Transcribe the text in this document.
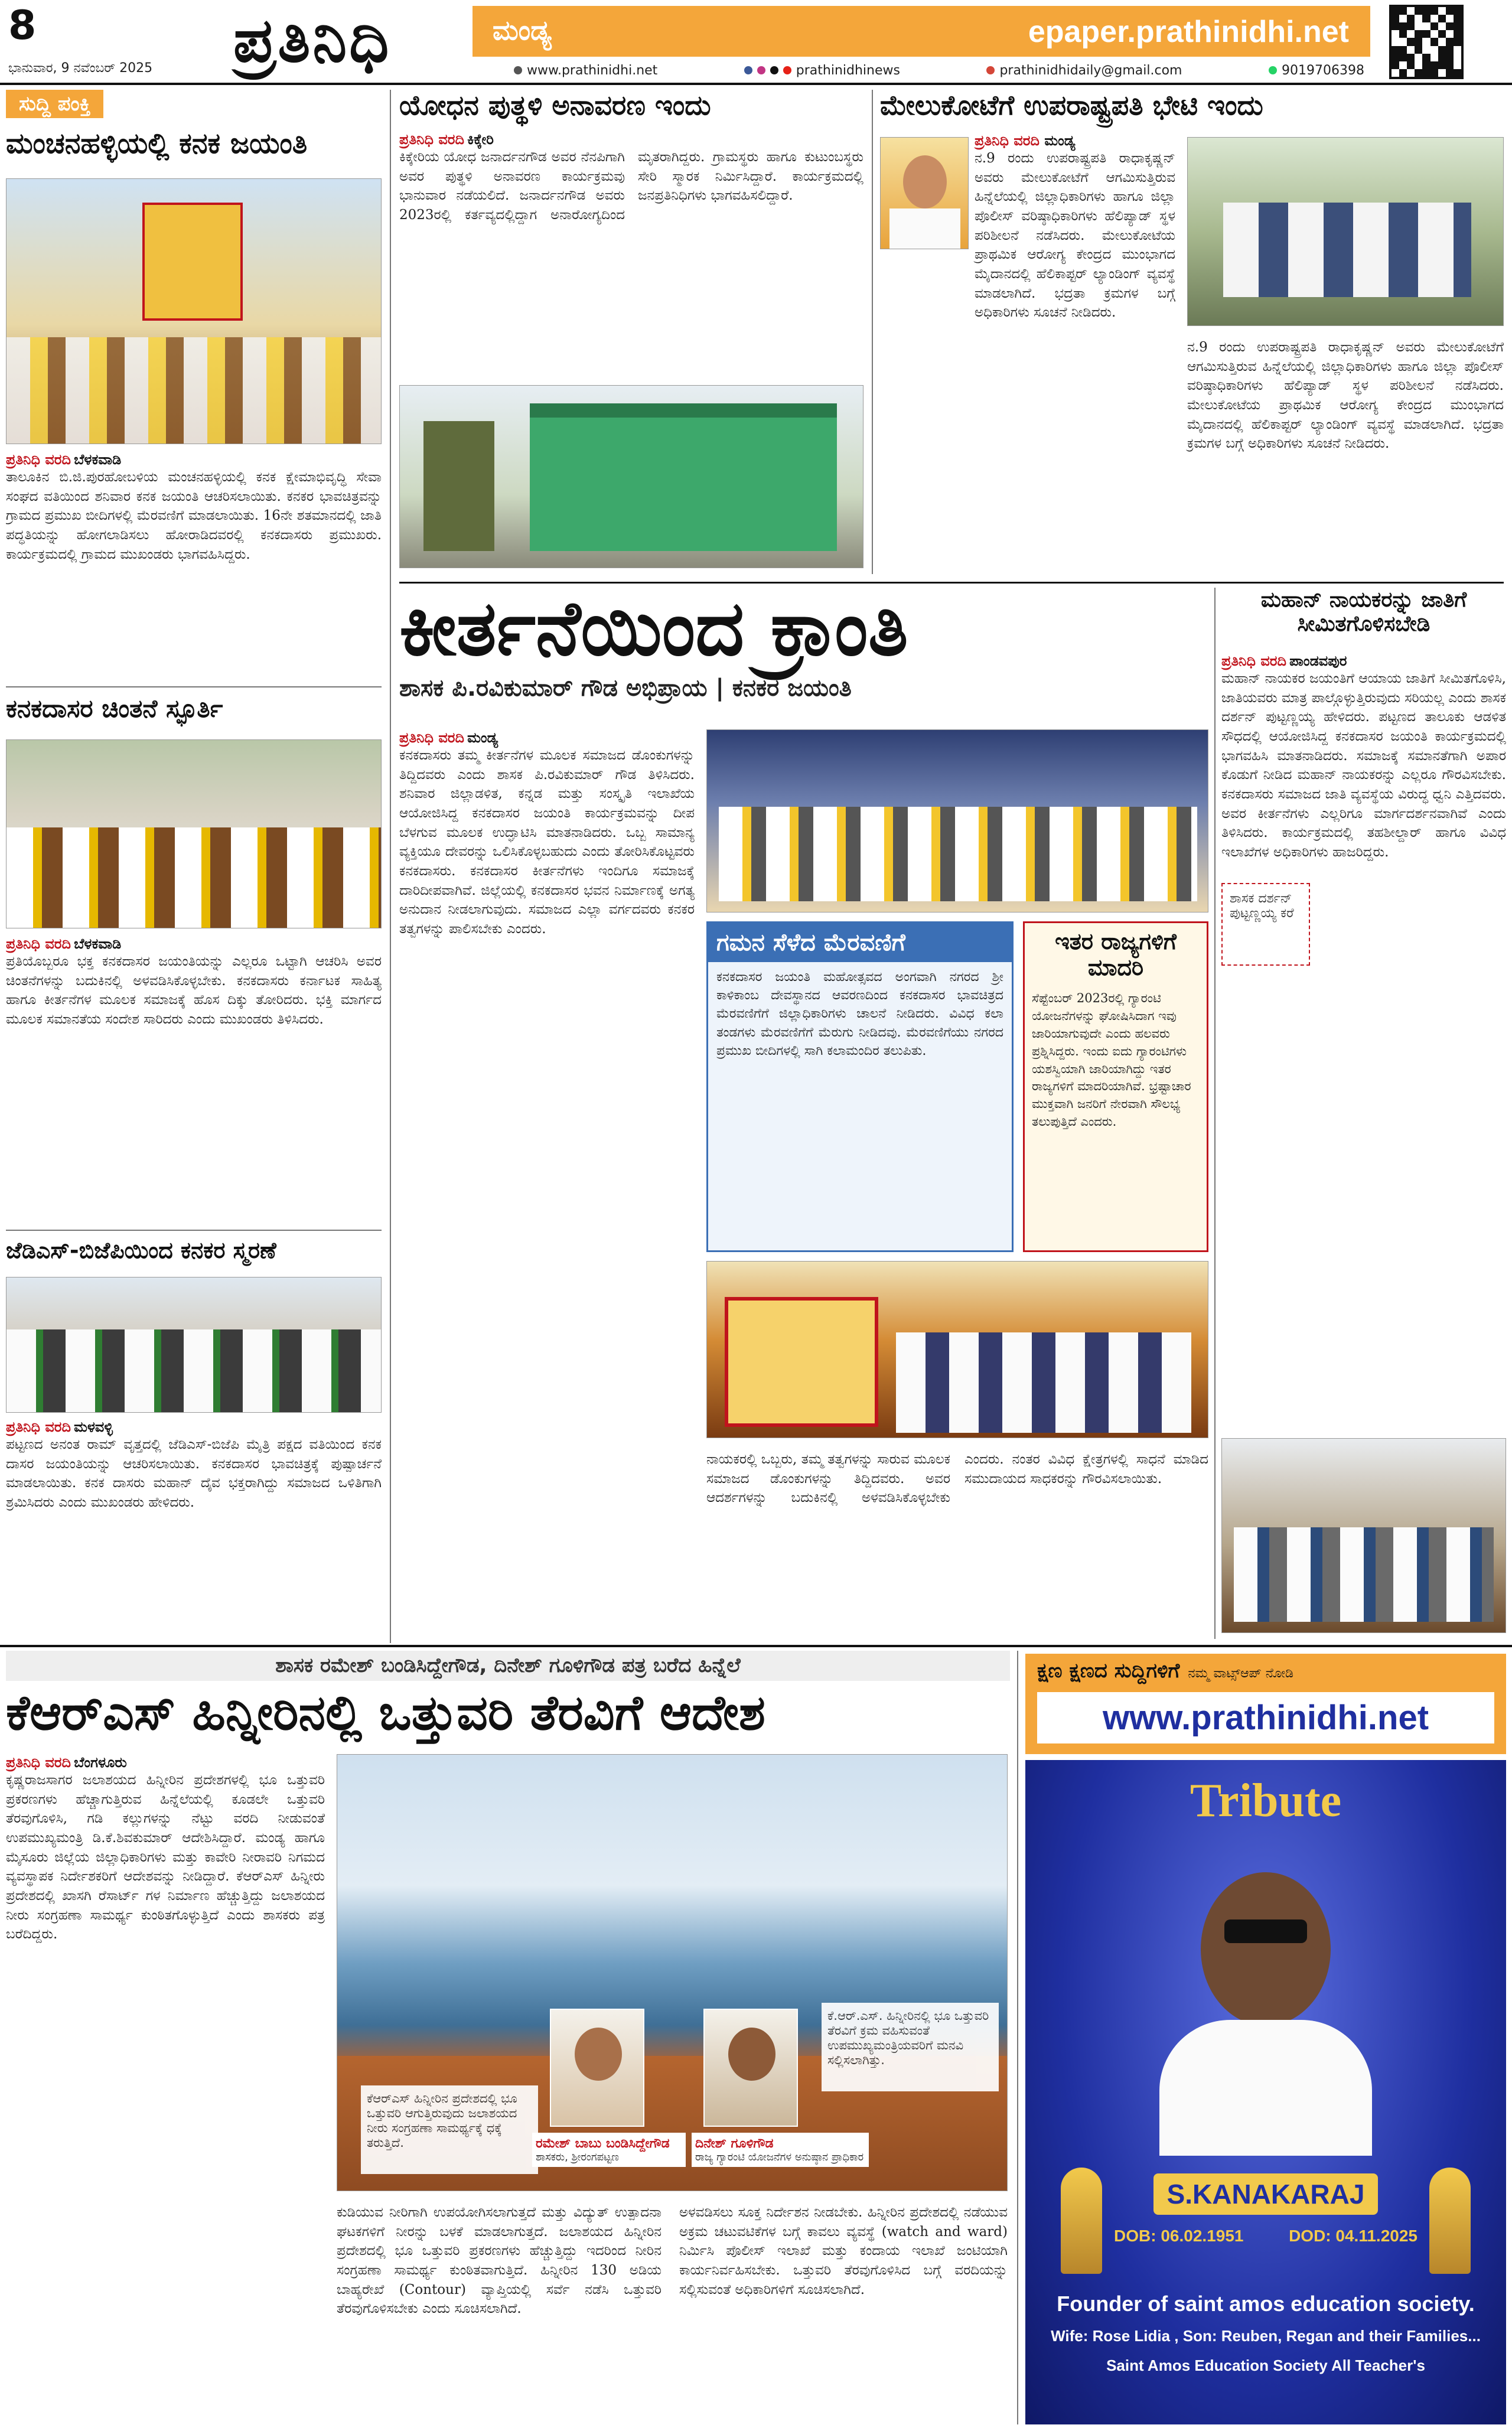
8
ಭಾನುವಾರ, 9 ನವೆಂಬರ್ 2025 ಪ್ರತಿನಿಧಿ	ಮಂಡ್ಯ	epaper.prathinidhi.net
www.prathinidhi.net	prathinidhinews	prathinidhidaily@gmail.com	9019706398
ಸುದ್ದಿ ಪಂಕ್ತಿ
ಮಂಚನಹಳ್ಳಿಯಲ್ಲಿ ಕನಕ ಜಯಂತಿ
ಪ್ರತಿನಿಧಿ ವರದಿ ಬೆಳಕವಾಡಿ

ತಾಲೂಕಿನ ಬಿ.ಜಿ.ಪುರಹೋಬಳಿಯ ಮಂಚನಹಳ್ಳಿಯಲ್ಲಿ ಕನಕ ಕ್ಷೇಮಾಭಿವೃದ್ಧಿ ಸೇವಾ ಸಂಘದ ವತಿಯಿಂದ ಶನಿವಾರ ಕನಕ ಜಯಂತಿ ಆಚರಿಸಲಾಯಿತು. ಕನಕರ ಭಾವಚಿತ್ರವನ್ನು ಗ್ರಾಮದ ಪ್ರಮುಖ ಬೀದಿಗಳಲ್ಲಿ ಮೆರವಣಿಗೆ ಮಾಡಲಾಯಿತು. 16ನೇ ಶತಮಾನದಲ್ಲಿ ಜಾತಿ ಪದ್ಧತಿಯನ್ನು ಹೋಗಲಾಡಿಸಲು ಹೋರಾಡಿದವರಲ್ಲಿ ಕನಕದಾಸರು ಪ್ರಮುಖರು. ಕಾರ್ಯಕ್ರಮದಲ್ಲಿ ಗ್ರಾಮದ ಮುಖಂಡರು ಭಾಗವಹಿಸಿದ್ದರು.

ಕನಕದಾಸರ ಚಿಂತನೆ ಸ್ಫೂರ್ತಿ
ಪ್ರತಿನಿಧಿ ವರದಿ ಬೆಳಕವಾಡಿ

ಪ್ರತಿಯೊಬ್ಬರೂ ಭಕ್ತ ಕನಕದಾಸರ ಜಯಂತಿಯನ್ನು ಎಲ್ಲರೂ ಒಟ್ಟಾಗಿ ಆಚರಿಸಿ ಅವರ ಚಿಂತನೆಗಳನ್ನು ಬದುಕಿನಲ್ಲಿ ಅಳವಡಿಸಿಕೊಳ್ಳಬೇಕು. ಕನಕದಾಸರು ಕರ್ನಾಟಕ ಸಾಹಿತ್ಯ ಹಾಗೂ ಕೀರ್ತನೆಗಳ ಮೂಲಕ ಸಮಾಜಕ್ಕೆ ಹೊಸ ದಿಕ್ಕು ತೋರಿದರು. ಭಕ್ತಿ ಮಾರ್ಗದ ಮೂಲಕ ಸಮಾನತೆಯ ಸಂದೇಶ ಸಾರಿದರು ಎಂದು ಮುಖಂಡರು ತಿಳಿಸಿದರು.

ಜೆಡಿಎಸ್-ಬಿಜೆಪಿಯಿಂದ ಕನಕರ ಸ್ಮರಣೆ
ಪ್ರತಿನಿಧಿ ವರದಿ ಮಳವಳ್ಳಿ

ಪಟ್ಟಣದ ಅನಂತ ರಾಮ್ ವೃತ್ತದಲ್ಲಿ ಜೆಡಿಎಸ್-ಬಿಜೆಪಿ ಮೈತ್ರಿ ಪಕ್ಷದ ವತಿಯಿಂದ ಕನಕ ದಾಸರ ಜಯಂತಿಯನ್ನು ಆಚರಿಸಲಾಯಿತು. ಕನಕದಾಸರ ಭಾವಚಿತ್ರಕ್ಕೆ ಪುಷ್ಪಾರ್ಚನೆ ಮಾಡಲಾಯಿತು. ಕನಕ ದಾಸರು ಮಹಾನ್ ದೈವ ಭಕ್ತರಾಗಿದ್ದು ಸಮಾಜದ ಒಳಿತಿಗಾಗಿ ಶ್ರಮಿಸಿದರು ಎಂದು ಮುಖಂಡರು ಹೇಳಿದರು.

ಯೋಧನ ಪುತ್ಥಳಿ ಅನಾವರಣ ಇಂದು
ಪ್ರತಿನಿಧಿ ವರದಿ ಕಿಕ್ಕೇರಿ

ಕಿಕ್ಕೇರಿಯ ಯೋಧ ಜನಾರ್ದನಗೌಡ ಅವರ ನೆನಪಿಗಾಗಿ ಅವರ ಪುತ್ಥಳಿ ಅನಾವರಣ ಕಾರ್ಯಕ್ರಮವು ಭಾನುವಾರ ನಡೆಯಲಿದೆ. ಜನಾರ್ದನಗೌಡ ಅವರು 2023ರಲ್ಲಿ ಕರ್ತವ್ಯದಲ್ಲಿದ್ದಾಗ ಅನಾರೋಗ್ಯದಿಂದ ಮೃತರಾಗಿದ್ದರು. ಗ್ರಾಮಸ್ಥರು ಹಾಗೂ ಕುಟುಂಬಸ್ಥರು ಸೇರಿ ಸ್ಮಾರಕ ನಿರ್ಮಿಸಿದ್ದಾರೆ. ಕಾರ್ಯಕ್ರಮದಲ್ಲಿ ಜನಪ್ರತಿನಿಧಿಗಳು ಭಾಗವಹಿಸಲಿದ್ದಾರೆ.

ಮೇಲುಕೋಟೆಗೆ ಉಪರಾಷ್ಟ್ರಪತಿ ಭೇಟಿ ಇಂದು

ಪ್ರತಿನಿಧಿ ವರದಿ ಮಂಡ್ಯ

ನ.9 ರಂದು ಉಪರಾಷ್ಟ್ರಪತಿ ರಾಧಾಕೃಷ್ಣನ್ ಅವರು ಮೇಲುಕೋಟೆಗೆ ಆಗಮಿಸುತ್ತಿರುವ ಹಿನ್ನೆಲೆಯಲ್ಲಿ ಜಿಲ್ಲಾಧಿಕಾರಿಗಳು ಹಾಗೂ ಜಿಲ್ಲಾ ಪೊಲೀಸ್ ವರಿಷ್ಠಾಧಿಕಾರಿಗಳು ಹೆಲಿಪ್ಯಾಡ್ ಸ್ಥಳ ಪರಿಶೀಲನೆ ನಡೆಸಿದರು. ಮೇಲುಕೋಟೆಯ ಪ್ರಾಥಮಿಕ ಆರೋಗ್ಯ ಕೇಂದ್ರದ ಮುಂಭಾಗದ ಮೈದಾನದಲ್ಲಿ ಹೆಲಿಕಾಪ್ಟರ್ ಲ್ಯಾಂಡಿಂಗ್ ವ್ಯವಸ್ಥೆ ಮಾಡಲಾಗಿದೆ. ಭದ್ರತಾ ಕ್ರಮಗಳ ಬಗ್ಗೆ ಅಧಿಕಾರಿಗಳು ಸೂಚನೆ ನೀಡಿದರು.

ನ.9 ರಂದು ಉಪರಾಷ್ಟ್ರಪತಿ ರಾಧಾಕೃಷ್ಣನ್ ಅವರು ಮೇಲುಕೋಟೆಗೆ ಆಗಮಿಸುತ್ತಿರುವ ಹಿನ್ನೆಲೆಯಲ್ಲಿ ಜಿಲ್ಲಾಧಿಕಾರಿಗಳು ಹಾಗೂ ಜಿಲ್ಲಾ ಪೊಲೀಸ್ ವರಿಷ್ಠಾಧಿಕಾರಿಗಳು ಹೆಲಿಪ್ಯಾಡ್ ಸ್ಥಳ ಪರಿಶೀಲನೆ ನಡೆಸಿದರು. ಮೇಲುಕೋಟೆಯ ಪ್ರಾಥಮಿಕ ಆರೋಗ್ಯ ಕೇಂದ್ರದ ಮುಂಭಾಗದ ಮೈದಾನದಲ್ಲಿ ಹೆಲಿಕಾಪ್ಟರ್ ಲ್ಯಾಂಡಿಂಗ್ ವ್ಯವಸ್ಥೆ ಮಾಡಲಾಗಿದೆ. ಭದ್ರತಾ ಕ್ರಮಗಳ ಬಗ್ಗೆ ಅಧಿಕಾರಿಗಳು ಸೂಚನೆ ನೀಡಿದರು.

ಕೀರ್ತನೆಯಿಂದ ಕ್ರಾಂತಿ
ಶಾಸಕ ಪಿ.ರವಿಕುಮಾರ್ ಗೌಡ ಅಭಿಪ್ರಾಯ | ಕನಕರ ಜಯಂತಿ
ಪ್ರತಿನಿಧಿ ವರದಿ ಮಂಡ್ಯ

ಕನಕದಾಸರು ತಮ್ಮ ಕೀರ್ತನೆಗಳ ಮೂಲಕ ಸಮಾಜದ ಡೊಂಕುಗಳನ್ನು ತಿದ್ದಿದವರು ಎಂದು ಶಾಸಕ ಪಿ.ರವಿಕುಮಾರ್ ಗೌಡ ತಿಳಿಸಿದರು. ಶನಿವಾರ ಜಿಲ್ಲಾಡಳಿತ, ಕನ್ನಡ ಮತ್ತು ಸಂಸ್ಕೃತಿ ಇಲಾಖೆಯ ಆಯೋಜಿಸಿದ್ದ ಕನಕದಾಸರ ಜಯಂತಿ ಕಾರ್ಯಕ್ರಮವನ್ನು ದೀಪ ಬೆಳಗುವ ಮೂಲಕ ಉದ್ಘಾಟಿಸಿ ಮಾತನಾಡಿದರು. ಒಬ್ಬ ಸಾಮಾನ್ಯ ವ್ಯಕ್ತಿಯೂ ದೇವರನ್ನು ಒಲಿಸಿಕೊಳ್ಳಬಹುದು ಎಂದು ತೋರಿಸಿಕೊಟ್ಟವರು ಕನಕದಾಸರು. ಕನಕದಾಸರ ಕೀರ್ತನೆಗಳು ಇಂದಿಗೂ ಸಮಾಜಕ್ಕೆ ದಾರಿದೀಪವಾಗಿವೆ. ಜಿಲ್ಲೆಯಲ್ಲಿ ಕನಕದಾಸರ ಭವನ ನಿರ್ಮಾಣಕ್ಕೆ ಅಗತ್ಯ ಅನುದಾನ ನೀಡಲಾಗುವುದು. ಸಮಾಜದ ಎಲ್ಲಾ ವರ್ಗದವರು ಕನಕರ ತತ್ವಗಳನ್ನು ಪಾಲಿಸಬೇಕು ಎಂದರು.

ಗಮನ ಸೆಳೆದ ಮೆರವಣಿಗೆ

ಕನಕದಾಸರ ಜಯಂತಿ ಮಹೋತ್ಸವದ ಅಂಗವಾಗಿ ನಗರದ ಶ್ರೀ ಕಾಳಿಕಾಂಬ ದೇವಸ್ಥಾನದ ಆವರಣದಿಂದ ಕನಕದಾಸರ ಭಾವಚಿತ್ರದ ಮೆರವಣಿಗೆಗೆ ಜಿಲ್ಲಾಧಿಕಾರಿಗಳು ಚಾಲನೆ ನೀಡಿದರು. ವಿವಿಧ ಕಲಾ ತಂಡಗಳು ಮೆರವಣಿಗೆಗೆ ಮೆರುಗು ನೀಡಿದವು. ಮೆರವಣಿಗೆಯು ನಗರದ ಪ್ರಮುಖ ಬೀದಿಗಳಲ್ಲಿ ಸಾಗಿ ಕಲಾಮಂದಿರ ತಲುಪಿತು.

ಇತರ ರಾಜ್ಯಗಳಿಗೆ ಮಾದರಿ

ಸೆಪ್ಟೆಂಬರ್ 2023ರಲ್ಲಿ ಗ್ಯಾರಂಟಿ ಯೋಜನೆಗಳನ್ನು ಘೋಷಿಸಿದಾಗ ಇವು ಜಾರಿಯಾಗುವುದೇ ಎಂದು ಹಲವರು ಪ್ರಶ್ನಿಸಿದ್ದರು. ಇಂದು ಐದು ಗ್ಯಾರಂಟಿಗಳು ಯಶಸ್ವಿಯಾಗಿ ಜಾರಿಯಾಗಿದ್ದು ಇತರ ರಾಜ್ಯಗಳಿಗೆ ಮಾದರಿಯಾಗಿವೆ. ಭ್ರಷ್ಟಾಚಾರ ಮುಕ್ತವಾಗಿ ಜನರಿಗೆ ನೇರವಾಗಿ ಸೌಲಭ್ಯ ತಲುಪುತ್ತಿದೆ ಎಂದರು.

ನಾಯಕರಲ್ಲಿ ಒಬ್ಬರು, ತಮ್ಮ ತತ್ವಗಳನ್ನು ಸಾರುವ ಮೂಲಕ ಸಮಾಜದ ಡೊಂಕುಗಳನ್ನು ತಿದ್ದಿದವರು. ಅವರ ಆದರ್ಶಗಳನ್ನು ಬದುಕಿನಲ್ಲಿ ಅಳವಡಿಸಿಕೊಳ್ಳಬೇಕು ಎಂದರು. ನಂತರ ವಿವಿಧ ಕ್ಷೇತ್ರಗಳಲ್ಲಿ ಸಾಧನೆ ಮಾಡಿದ ಸಮುದಾಯದ ಸಾಧಕರನ್ನು ಗೌರವಿಸಲಾಯಿತು.

ಮಹಾನ್ ನಾಯಕರನ್ನು ಜಾತಿಗೆ ಸೀಮಿತಗೊಳಿಸಬೇಡಿ
ಪ್ರತಿನಿಧಿ ವರದಿ ಪಾಂಡವಪುರ

ಮಹಾನ್ ನಾಯಕರ ಜಯಂತಿಗೆ ಆಯಾಯ ಜಾತಿಗೆ ಸೀಮಿತಗೊಳಿಸಿ, ಜಾತಿಯವರು ಮಾತ್ರ ಪಾಲ್ಗೊಳ್ಳುತ್ತಿರುವುದು ಸರಿಯಲ್ಲ ಎಂದು ಶಾಸಕ ದರ್ಶನ್ ಪುಟ್ಟಣ್ಣಯ್ಯ ಹೇಳಿದರು. ಪಟ್ಟಣದ ತಾಲೂಕು ಆಡಳಿತ ಸೌಧದಲ್ಲಿ ಆಯೋಜಿಸಿದ್ದ ಕನಕದಾಸರ ಜಯಂತಿ ಕಾರ್ಯಕ್ರಮದಲ್ಲಿ ಭಾಗವಹಿಸಿ ಮಾತನಾಡಿದರು. ಸಮಾಜಕ್ಕೆ ಸಮಾನತೆಗಾಗಿ ಅಪಾರ ಕೊಡುಗೆ ನೀಡಿದ ಮಹಾನ್ ನಾಯಕರನ್ನು ಎಲ್ಲರೂ ಗೌರವಿಸಬೇಕು. ಕನಕದಾಸರು ಸಮಾಜದ ಜಾತಿ ವ್ಯವಸ್ಥೆಯ ವಿರುದ್ಧ ಧ್ವನಿ ಎತ್ತಿದವರು. ಅವರ ಕೀರ್ತನೆಗಳು ಎಲ್ಲರಿಗೂ ಮಾರ್ಗದರ್ಶನವಾಗಿವೆ ಎಂದು ತಿಳಿಸಿದರು. ಕಾರ್ಯಕ್ರಮದಲ್ಲಿ ತಹಶೀಲ್ದಾರ್ ಹಾಗೂ ವಿವಿಧ ಇಲಾಖೆಗಳ ಅಧಿಕಾರಿಗಳು ಹಾಜರಿದ್ದರು.

ಶಾಸಕ ದರ್ಶನ್ ಪುಟ್ಟಣ್ಣಯ್ಯ ಕರೆ
ಶಾಸಕ ರಮೇಶ್ ಬಂಡಿಸಿದ್ದೇಗೌಡ, ದಿನೇಶ್ ಗೂಳಿಗೌಡ ಪತ್ರ ಬರೆದ ಹಿನ್ನೆಲೆ
ಕೆಆರ್‌ಎಸ್ ಹಿನ್ನೀರಿನಲ್ಲಿ ಒತ್ತುವರಿ ತೆರವಿಗೆ ಆದೇಶ
ಪ್ರತಿನಿಧಿ ವರದಿ ಬೆಂಗಳೂರು

ಕೃಷ್ಣರಾಜಸಾಗರ ಜಲಾಶಯದ ಹಿನ್ನೀರಿನ ಪ್ರದೇಶಗಳಲ್ಲಿ ಭೂ ಒತ್ತುವರಿ ಪ್ರಕರಣಗಳು ಹೆಚ್ಚಾಗುತ್ತಿರುವ ಹಿನ್ನೆಲೆಯಲ್ಲಿ ಕೂಡಲೇ ಒತ್ತುವರಿ ತೆರವುಗೊಳಿಸಿ, ಗಡಿ ಕಲ್ಲುಗಳನ್ನು ನೆಟ್ಟು ವರದಿ ನೀಡುವಂತೆ ಉಪಮುಖ್ಯಮಂತ್ರಿ ಡಿ.ಕೆ.ಶಿವಕುಮಾರ್ ಆದೇಶಿಸಿದ್ದಾರೆ. ಮಂಡ್ಯ ಹಾಗೂ ಮೈಸೂರು ಜಿಲ್ಲೆಯ ಜಿಲ್ಲಾಧಿಕಾರಿಗಳು ಮತ್ತು ಕಾವೇರಿ ನೀರಾವರಿ ನಿಗಮದ ವ್ಯವಸ್ಥಾಪಕ ನಿರ್ದೇಶಕರಿಗೆ ಆದೇಶವನ್ನು ನೀಡಿದ್ದಾರೆ. ಕೆಆರ್‌ಎಸ್ ಹಿನ್ನೀರು ಪ್ರದೇಶದಲ್ಲಿ ಖಾಸಗಿ ರೆಸಾರ್ಟ್ ಗಳ ನಿರ್ಮಾಣ ಹೆಚ್ಚುತ್ತಿದ್ದು ಜಲಾಶಯದ ನೀರು ಸಂಗ್ರಹಣಾ ಸಾಮರ್ಥ್ಯ ಕುಂಠಿತಗೊಳ್ಳುತ್ತಿದೆ ಎಂದು ಶಾಸಕರು ಪತ್ರ ಬರೆದಿದ್ದರು.

ಕೆಆರ್‌ಎಸ್ ಹಿನ್ನೀರಿನ ಪ್ರದೇಶದಲ್ಲಿ ಭೂ ಒತ್ತುವರಿ ಆಗುತ್ತಿರುವುದು ಜಲಾಶಯದ ನೀರು ಸಂಗ್ರಹಣಾ ಸಾಮರ್ಥ್ಯಕ್ಕೆ ಧಕ್ಕೆ ತರುತ್ತಿದೆ.	ರಮೇಶ್ ಬಾಬು ಬಂಡಿಸಿದ್ದೇಗೌಡ
ಶಾಸಕರು, ಶ್ರೀರಂಗಪಟ್ಟಣ
ದಿನೇಶ್ ಗೂಳಿಗೌಡ
ರಾಜ್ಯ ಗ್ಯಾರಂಟಿ ಯೋಜನೆಗಳ ಅನುಷ್ಠಾನ ಪ್ರಾಧಿಕಾರ
ಕೆ.ಆರ್.ಎಸ್. ಹಿನ್ನೀರಿನಲ್ಲಿ ಭೂ ಒತ್ತುವರಿ ತೆರವಿಗೆ ಕ್ರಮ ವಹಿಸುವಂತೆ ಉಪಮುಖ್ಯಮಂತ್ರಿಯವರಿಗೆ ಮನವಿ ಸಲ್ಲಿಸಲಾಗಿತ್ತು.

ಕುಡಿಯುವ ನೀರಿಗಾಗಿ ಉಪಯೋಗಿಸಲಾಗುತ್ತದೆ ಮತ್ತು ವಿದ್ಯುತ್ ಉತ್ಪಾದನಾ ಘಟಕಗಳಿಗೆ ನೀರನ್ನು ಬಳಕೆ ಮಾಡಲಾಗುತ್ತದೆ. ಜಲಾಶಯದ ಹಿನ್ನೀರಿನ ಪ್ರದೇಶದಲ್ಲಿ ಭೂ ಒತ್ತುವರಿ ಪ್ರಕರಣಗಳು ಹೆಚ್ಚುತ್ತಿದ್ದು ಇದರಿಂದ ನೀರಿನ ಸಂಗ್ರಹಣಾ ಸಾಮರ್ಥ್ಯ ಕುಂಠಿತವಾಗುತ್ತಿದೆ. ಹಿನ್ನೀರಿನ 130 ಅಡಿಯ ಬಾಹ್ಯರೇಖೆ (Contour) ವ್ಯಾಪ್ತಿಯಲ್ಲಿ ಸರ್ವೆ ನಡೆಸಿ ಒತ್ತುವರಿ ತೆರವುಗೊಳಿಸಬೇಕು ಎಂದು ಸೂಚಿಸಲಾಗಿದೆ.

ಅಳವಡಿಸಲು ಸೂಕ್ತ ನಿರ್ದೇಶನ ನೀಡಬೇಕು. ಹಿನ್ನೀರಿನ ಪ್ರದೇಶದಲ್ಲಿ ನಡೆಯುವ ಅಕ್ರಮ ಚಟುವಟಿಕೆಗಳ ಬಗ್ಗೆ ಕಾವಲು ವ್ಯವಸ್ಥೆ (watch and ward) ನಿರ್ಮಿಸಿ ಪೊಲೀಸ್ ಇಲಾಖೆ ಮತ್ತು ಕಂದಾಯ ಇಲಾಖೆ ಜಂಟಿಯಾಗಿ ಕಾರ್ಯನಿರ್ವಹಿಸಬೇಕು. ಒತ್ತುವರಿ ತೆರವುಗೊಳಿಸಿದ ಬಗ್ಗೆ ವರದಿಯನ್ನು ಸಲ್ಲಿಸುವಂತೆ ಅಧಿಕಾರಿಗಳಿಗೆ ಸೂಚಿಸಲಾಗಿದೆ.

ಕ್ಷಣ ಕ್ಷಣದ ಸುದ್ದಿಗಳಿಗೆ ನಮ್ಮ ವಾಟ್ಸ್‌ಆಪ್ ನೋಡಿ
www.prathinidhi.net
Tribute
S.KANAKARAJ
DOB: 06.02.1951	DOD: 04.11.2025
Founder of saint amos education society.
Wife: Rose Lidia , Son: Reuben, Regan and their Families...
Saint Amos Education Society All Teacher's
